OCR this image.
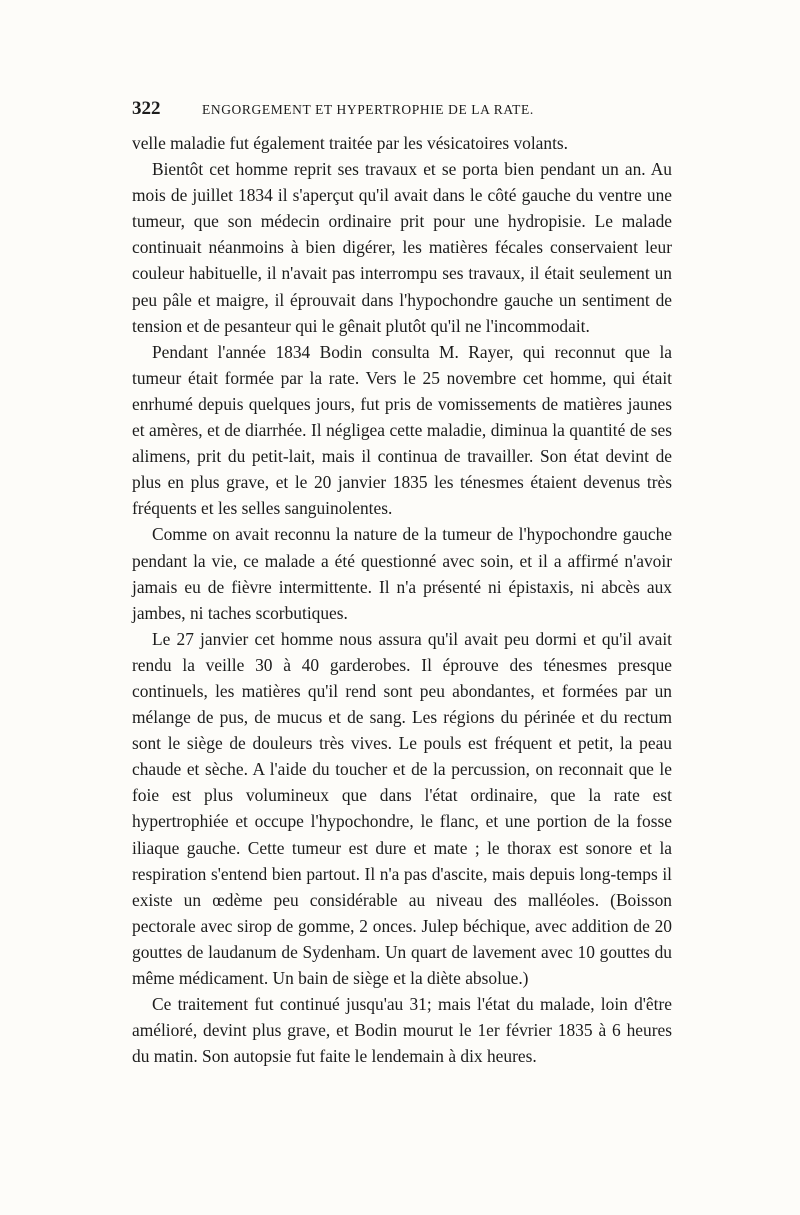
322	ENGORGEMENT ET HYPERTROPHIE DE LA RATE.

velle maladie fut également traitée par les vésicatoires volants.

Bientôt cet homme reprit ses travaux et se porta bien pendant un an. Au mois de juillet 1834 il s'aperçut qu'il avait dans le côté gauche du ventre une tumeur, que son médecin ordinaire prit pour une hydropisie. Le malade continuait néanmoins à bien digérer, les matières fécales conservaient leur couleur habituelle, il n'avait pas interrompu ses travaux, il était seulement un peu pâle et maigre, il éprouvait dans l'hypochondre gauche un sentiment de tension et de pesanteur qui le gênait plutôt qu'il ne l'incommodait.

Pendant l'année 1834 Bodin consulta M. Rayer, qui reconnut que la tumeur était formée par la rate. Vers le 25 novembre cet homme, qui était enrhumé depuis quelques jours, fut pris de vomissements de matières jaunes et amères, et de diarrhée. Il négligea cette maladie, diminua la quantité de ses alimens, prit du petit-lait, mais il continua de travailler. Son état devint de plus en plus grave, et le 20 janvier 1835 les ténesmes étaient devenus très fréquents et les selles sanguinolentes.

Comme on avait reconnu la nature de la tumeur de l'hypochondre gauche pendant la vie, ce malade a été questionné avec soin, et il a affirmé n'avoir jamais eu de fièvre intermittente. Il n'a présenté ni épistaxis, ni abcès aux jambes, ni taches scorbutiques.

Le 27 janvier cet homme nous assura qu'il avait peu dormi et qu'il avait rendu la veille 30 à 40 garderobes. Il éprouve des ténesmes presque continuels, les matières qu'il rend sont peu abondantes, et formées par un mélange de pus, de mucus et de sang. Les régions du périnée et du rectum sont le siège de douleurs très vives. Le pouls est fréquent et petit, la peau chaude et sèche. A l'aide du toucher et de la percussion, on reconnait que le foie est plus volumineux que dans l'état ordinaire, que la rate est hypertrophiée et occupe l'hypochondre, le flanc, et une portion de la fosse iliaque gauche. Cette tumeur est dure et mate ; le thorax est sonore et la respiration s'entend bien partout. Il n'a pas d'ascite, mais depuis long-temps il existe un œdème peu considérable au niveau des malléoles. (Boisson pectorale avec sirop de gomme, 2 onces. Julep béchique, avec addition de 20 gouttes de laudanum de Sydenham. Un quart de lavement avec 10 gouttes du même médicament. Un bain de siège et la diète absolue.)

Ce traitement fut continué jusqu'au 31; mais l'état du malade, loin d'être amélioré, devint plus grave, et Bodin mourut le 1er février 1835 à 6 heures du matin. Son autopsie fut faite le lendemain à dix heures.
